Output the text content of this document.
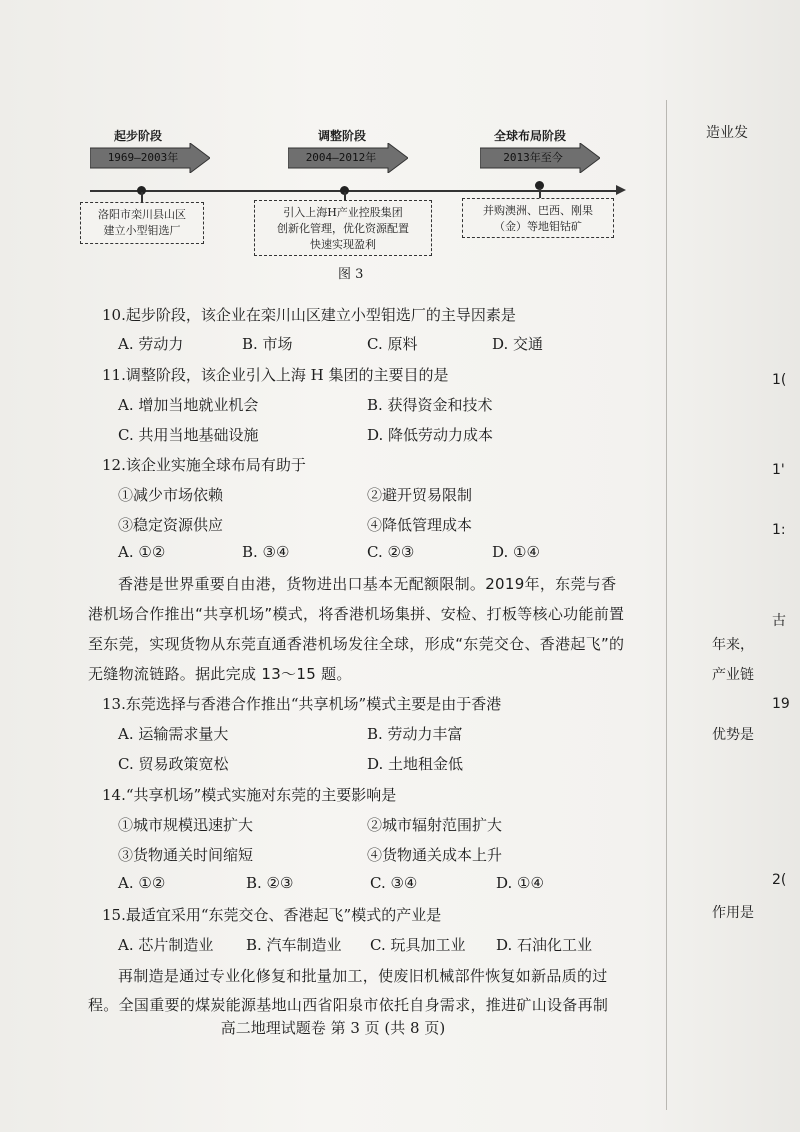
起步阶段	调整阶段	全球布局阶段
1969—2003年	2004—2012年	2013年至今
洛阳市栾川县山区
建立小型钼选厂
引入上海H产业控股集团
创新化管理，优化资源配置
快速实现盈利
并购澳洲、巴西、刚果
（金）等地钼钴矿
图 3
10.起步阶段，该企业在栾川山区建立小型钼选厂的主导因素是
A. 劳动力	B. 市场	C. 原料	D. 交通
11.调整阶段，该企业引入上海 H 集团的主要目的是
A. 增加当地就业机会	B. 获得资金和技术
C. 共用当地基础设施	D. 降低劳动力成本
12.该企业实施全球布局有助于
①减少市场依赖	②避开贸易限制
③稳定资源供应	④降低管理成本
A. ①②	B. ③④	C. ②③	D. ①④
香港是世界重要自由港，货物进出口基本无配额限制。2019年，东莞与香
港机场合作推出“共享机场”模式，将香港机场集拼、安检、打板等核心功能前置
至东莞，实现货物从东莞直通香港机场发往全球，形成“东莞交仓、香港起飞”的
无缝物流链路。据此完成 13～15 题。
13.东莞选择与香港合作推出“共享机场”模式主要是由于香港
A. 运输需求量大	B. 劳动力丰富
C. 贸易政策宽松	D. 土地租金低
14.“共享机场”模式实施对东莞的主要影响是
①城市规模迅速扩大	②城市辐射范围扩大
③货物通关时间缩短	④货物通关成本上升
A. ①②	B. ②③	C. ③④	D. ①④
15.最适宜采用“东莞交仓、香港起飞”模式的产业是
A. 芯片制造业 B. 汽车制造业 C. 玩具加工业 D. 石油化工业
再制造是通过专业化修复和批量加工，使废旧机械部件恢复如新品质的过
程。全国重要的煤炭能源基地山西省阳泉市依托自身需求，推进矿山设备再制
高二地理试题卷 第 3 页 (共 8 页)
造业发
1(
1'
1:
古
年来，
产业链
19
优势是
2(
作用是
